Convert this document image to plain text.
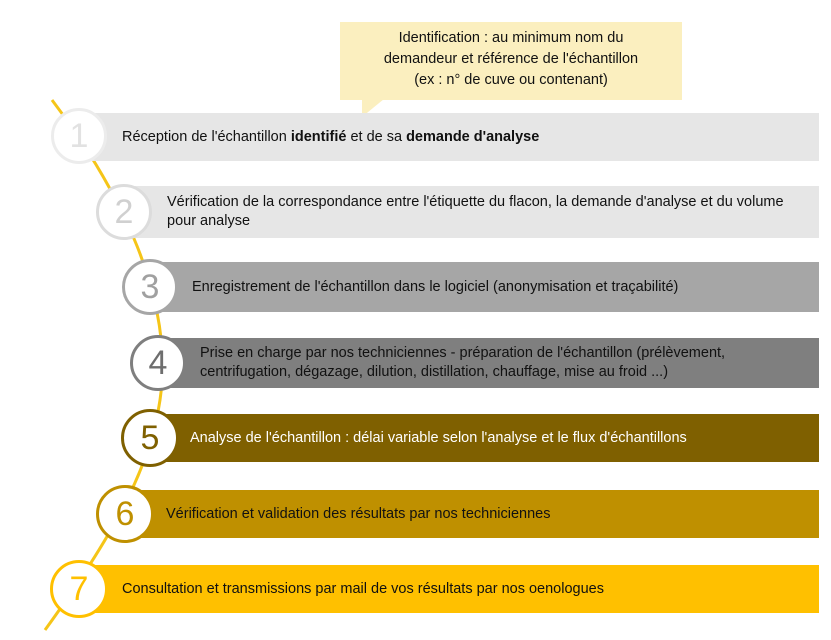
Identification : au minimum nom du
demandeur et référence de l'échantillon
(ex : n° de cuve ou contenant)
Réception de l'échantillon identifié et de sa demande d'analyse
1
Vérification de la correspondance entre l'étiquette du flacon, la demande d'analyse et du volume pour analyse
2
Enregistrement de l'échantillon dans le logiciel (anonymisation et traçabilité)
3
Prise en charge par nos techniciennes - préparation de l'échantillon (prélèvement, centrifugation, dégazage, dilution, distillation, chauffage, mise au froid ...)
4
Analyse de l'échantillon : délai variable selon l'analyse et le flux d'échantillons
5
Vérification et validation des résultats par nos techniciennes
6
Consultation et transmissions par mail de vos résultats par nos oenologues
7
